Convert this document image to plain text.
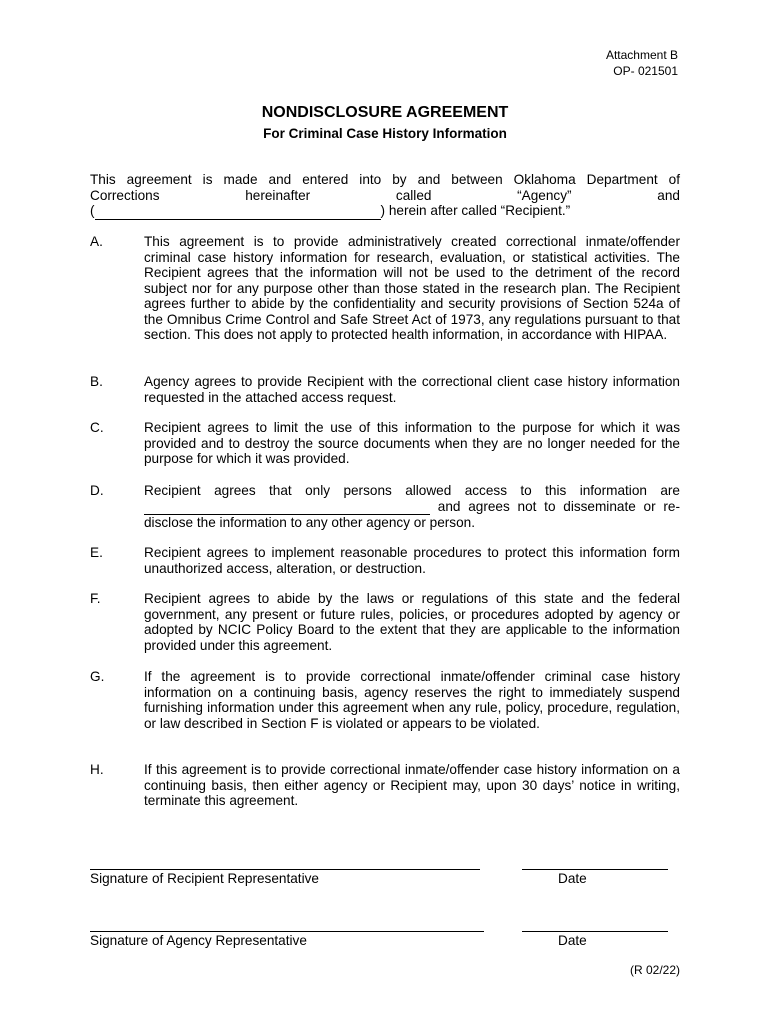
Attachment B
OP- 021501
NONDISCLOSURE AGREEMENT
For Criminal Case History Information
This agreement is made and entered into by and between Oklahoma Department of
Corrections	hereinafter	called	“Agency”	and
(	) herein after called “Recipient.”
A.	This agreement is to provide administratively created correctional inmate/offender criminal case history information for research, evaluation, or statistical activities. The Recipient agrees that the information will not be used to the detriment of the record subject nor for any purpose other than those stated in the research plan. The Recipient agrees further to abide by the confidentiality and security provisions of Section 524a of the Omnibus Crime Control and Safe Street Act of 1973, any regulations pursuant to that section. This does not apply to protected health information, in accordance with HIPAA.
B.	Agency agrees to provide Recipient with the correctional client case history information requested in the attached access request.
C.	Recipient agrees to limit the use of this information to the purpose for which it was provided and to destroy the source documents when they are no longer needed for the purpose for which it was provided.
D.	Recipient agrees that only persons allowed access to this information are   and agrees not to disseminate or re-disclose the information to any other agency or person.
E.	Recipient agrees to implement reasonable procedures to protect this information form unauthorized access, alteration, or destruction.
F.	Recipient agrees to abide by the laws or regulations of this state and the federal government, any present or future rules, policies, or procedures adopted by agency or adopted by NCIC Policy Board to the extent that they are applicable to the information provided under this agreement.
G.	If the agreement is to provide correctional inmate/offender criminal case history information on a continuing basis, agency reserves the right to immediately suspend furnishing information under this agreement when any rule, policy, procedure, regulation, or law described in Section F is violated or appears to be violated.
H.	If this agreement is to provide correctional inmate/offender case history information on a continuing basis, then either agency or Recipient may, upon 30 days’ notice in writing, terminate this agreement.
Signature of Recipient Representative	Date
Signature of Agency Representative	Date
(R 02/22)
